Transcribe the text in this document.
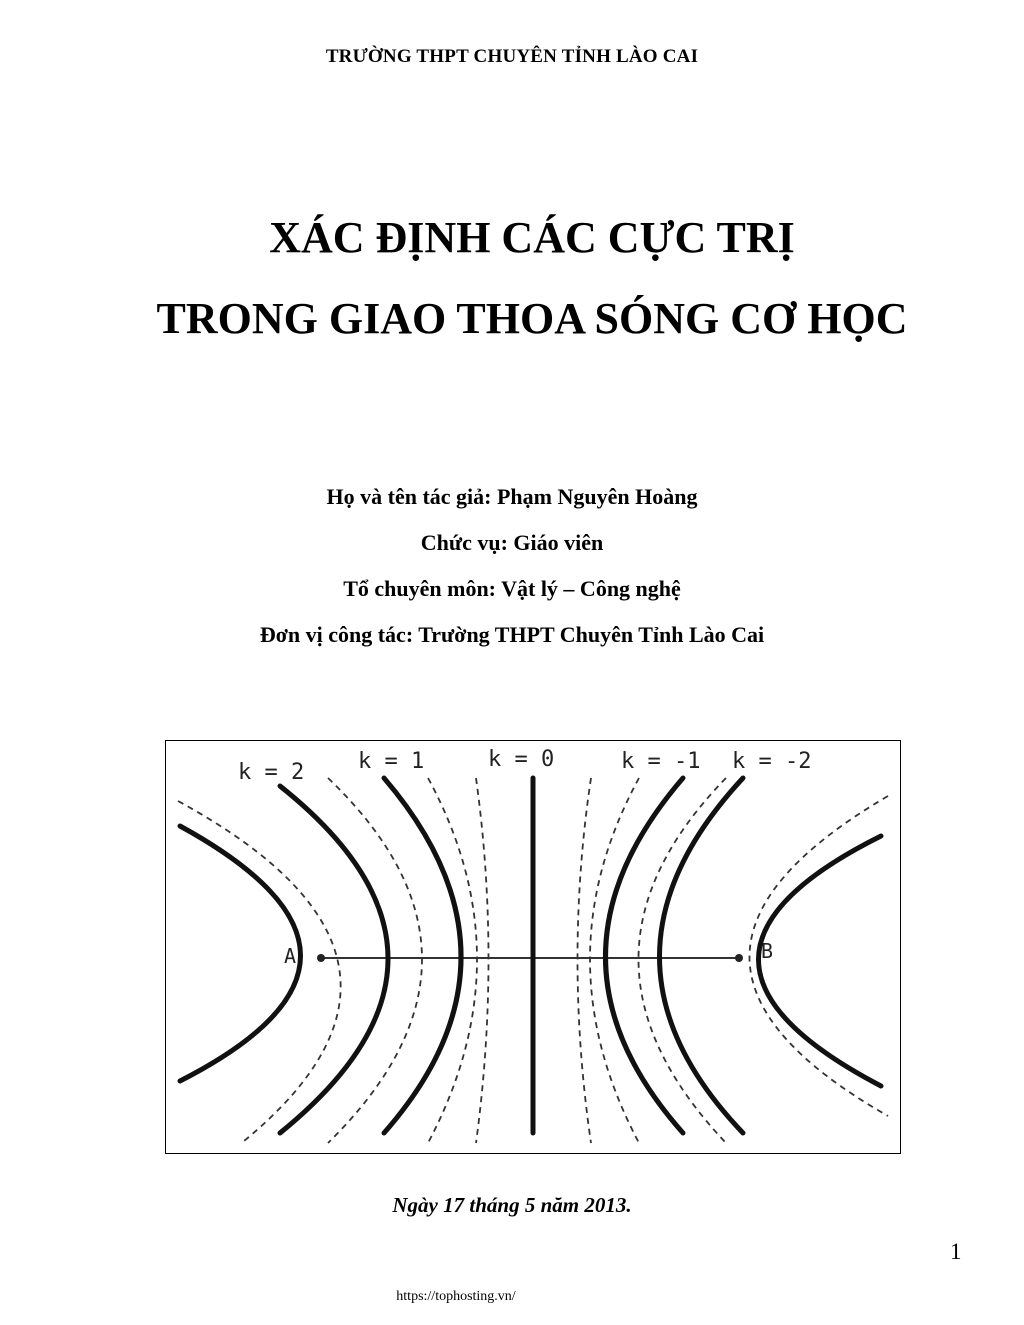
TRƯỜNG THPT CHUYÊN TỈNH LÀO CAI
XÁC ĐỊNH CÁC CỰC TRỊ
TRONG GIAO THOA SÓNG CƠ HỌC
Họ và tên tác giả: Phạm Nguyên Hoàng
Chức vụ: Giáo viên
Tổ chuyên môn: Vật lý – Công nghệ
Đơn vị công tác: Trường THPT Chuyên Tỉnh Lào Cai
k = 2 k = 1	k = 0	k = -1 k = -2
A	B
Ngày 17 tháng 5 năm 2013.
1
https://tophosting.vn/
